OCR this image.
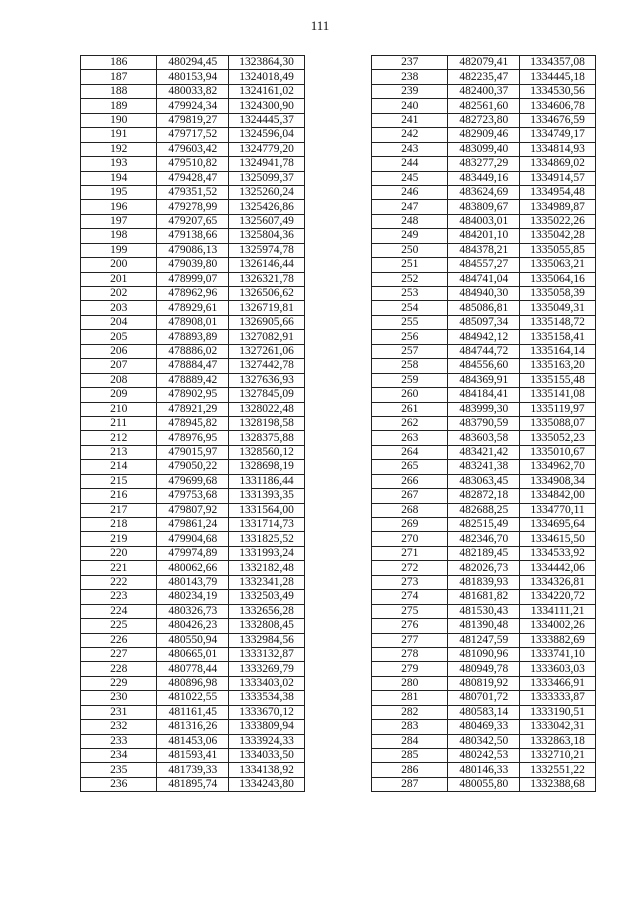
111
186	480294,45	1323864,30
187	480153,94	1324018,49
188	480033,82	1324161,02
189	479924,34	1324300,90
190	479819,27	1324445,37
191	479717,52	1324596,04
192	479603,42	1324779,20
193	479510,82	1324941,78
194	479428,47	1325099,37
195	479351,52	1325260,24
196	479278,99	1325426,86
197	479207,65	1325607,49
198	479138,66	1325804,36
199	479086,13	1325974,78
200	479039,80	1326146,44
201	478999,07	1326321,78
202	478962,96	1326506,62
203	478929,61	1326719,81
204	478908,01	1326905,66
205	478893,89	1327082,91
206	478886,02	1327261,06
207	478884,47	1327442,78
208	478889,42	1327636,93
209	478902,95	1327845,09
210	478921,29	1328022,48
211	478945,82	1328198,58
212	478976,95	1328375,88
213	479015,97	1328560,12
214	479050,22	1328698,19
215	479699,68	1331186,44
216	479753,68	1331393,35
217	479807,92	1331564,00
218	479861,24	1331714,73
219	479904,68	1331825,52
220	479974,89	1331993,24
221	480062,66	1332182,48
222	480143,79	1332341,28
223	480234,19	1332503,49
224	480326,73	1332656,28
225	480426,23	1332808,45
226	480550,94	1332984,56
227	480665,01	1333132,87
228	480778,44	1333269,79
229	480896,98	1333403,02
230	481022,55	1333534,38
231	481161,45	1333670,12
232	481316,26	1333809,94
233	481453,06	1333924,33
234	481593,41	1334033,50
235	481739,33	1334138,92
236	481895,74	1334243,80
237	482079,41	1334357,08
238	482235,47	1334445,18
239	482400,37	1334530,56
240	482561,60	1334606,78
241	482723,80	1334676,59
242	482909,46	1334749,17
243	483099,40	1334814,93
244	483277,29	1334869,02
245	483449,16	1334914,57
246	483624,69	1334954,48
247	483809,67	1334989,87
248	484003,01	1335022,26
249	484201,10	1335042,28
250	484378,21	1335055,85
251	484557,27	1335063,21
252	484741,04	1335064,16
253	484940,30	1335058,39
254	485086,81	1335049,31
255	485097,34	1335148,72
256	484942,12	1335158,41
257	484744,72	1335164,14
258	484556,60	1335163,20
259	484369,91	1335155,48
260	484184,41	1335141,08
261	483999,30	1335119,97
262	483790,59	1335088,07
263	483603,58	1335052,23
264	483421,42	1335010,67
265	483241,38	1334962,70
266	483063,45	1334908,34
267	482872,18	1334842,00
268	482688,25	1334770,11
269	482515,49	1334695,64
270	482346,70	1334615,50
271	482189,45	1334533,92
272	482026,73	1334442,06
273	481839,93	1334326,81
274	481681,82	1334220,72
275	481530,43	1334111,21
276	481390,48	1334002,26
277	481247,59	1333882,69
278	481090,96	1333741,10
279	480949,78	1333603,03
280	480819,92	1333466,91
281	480701,72	1333333,87
282	480583,14	1333190,51
283	480469,33	1333042,31
284	480342,50	1332863,18
285	480242,53	1332710,21
286	480146,33	1332551,22
287	480055,80	1332388,68
